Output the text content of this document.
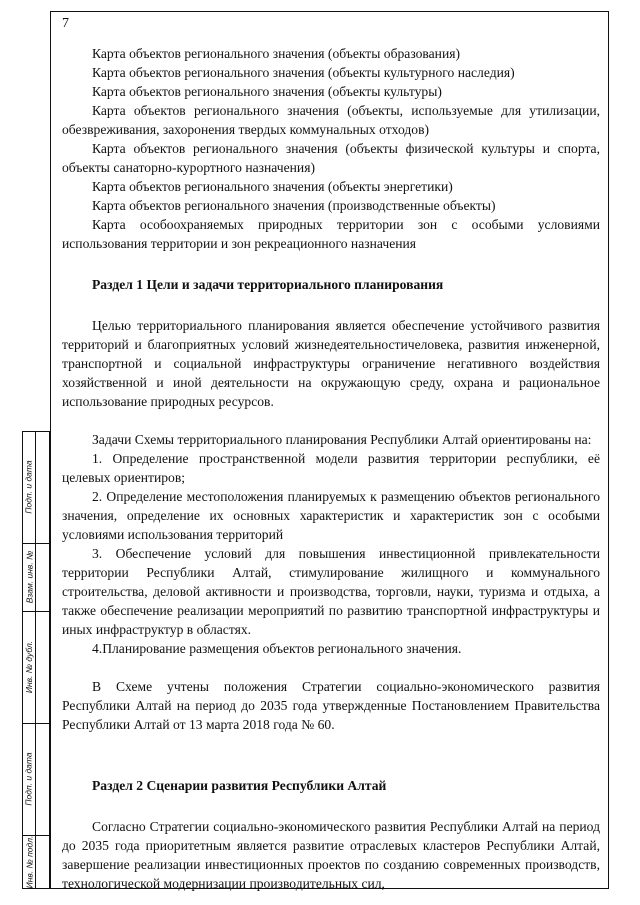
7

Карта объектов регионального значения (объекты образования)

Карта объектов регионального значения (объекты культурного наследия)

Карта объектов регионального значения (объекты культуры)

Карта объектов регионального значения (объекты, используемые для утилизации, обезвреживания, захоронения твердых коммунальных отходов)

Карта объектов регионального значения (объекты физической культуры и спорта, объекты санаторно-курортного назначения)

Карта объектов регионального значения (объекты энергетики)

Карта объектов регионального значения (производственные объекты)

Карта особоохраняемых природных территории зон с особыми условиями использования территории и зон рекреационного назначения

Раздел 1 Цели и задачи территориального планирования

Целью территориального планирования является обеспечение устойчивого развития территорий и благоприятных условий жизнедеятельностичеловека, развития инженерной, транспортной и социальной инфраструктуры ограничение негативного воздействия хозяйственной и иной деятельности на окружающую среду, охрана и рациональное использование природных ресурсов.

Задачи Схемы территориального планирования Республики Алтай ориентированы на:

1. Определение пространственной модели развития территории республики, её целевых ориентиров;

2. Определение местоположения планируемых к размещению объектов регионального значения, определение их основных характеристик и характеристик зон с особыми условиями использования территорий

3. Обеспечение условий для повышения инвестиционной привлекательности территории Республики Алтай, стимулирование жилищного и коммунального строительства, деловой активности и производства, торговли, науки, туризма и отдыха, а также обеспечение реализации мероприятий по развитию транспортной инфраструктуры и иных инфраструктур в областях.

4.Планирование размещения объектов регионального значения.

В Схеме учтены положения Стратегии социально-экономического развития Республики Алтай на период до 2035 года утвержденные Постановлением Правительства Республики Алтай от 13 марта 2018 года № 60.

Раздел 2 Сценарии развития Республики Алтай

Согласно Стратегии социально-экономического развития Республики Алтай на период до 2035 года приоритетным является развитие отраслевых кластеров Республики Алтай, завершение реализации инвестиционных проектов по созданию современных производств, технологической модернизации производительных сил,

Подп. и дата
Взам. инв. №
Инв. № дубл.
Подп. и дата
Инв. № подл.
